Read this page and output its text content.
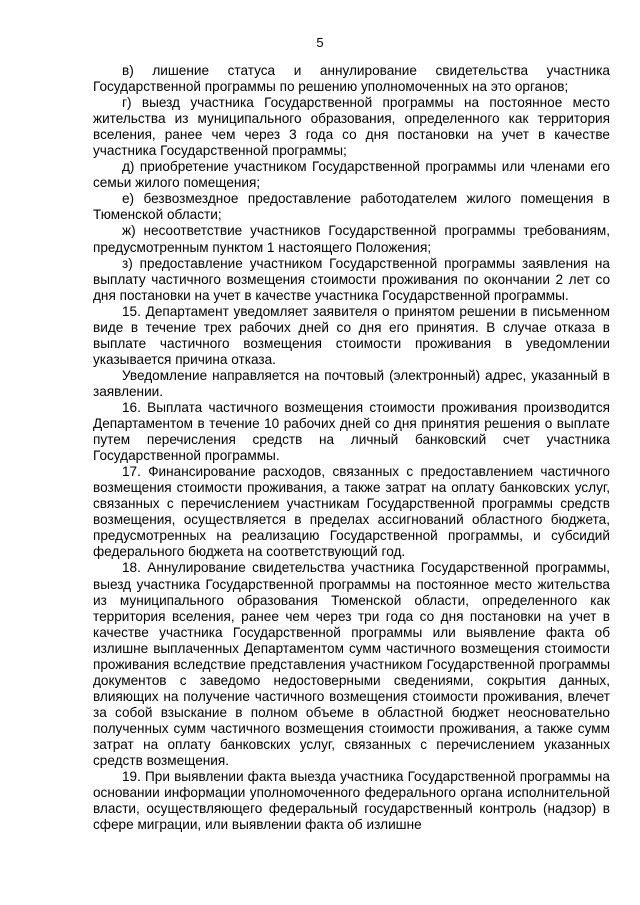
5

в) лишение статуса и аннулирование свидетельства участника Государственной программы по решению уполномоченных на это органов;

г) выезд участника Государственной программы на постоянное место жительства из муниципального образования, определенного как территория вселения, ранее чем через 3 года со дня постановки на учет в качестве участника Государственной программы;

д) приобретение участником Государственной программы или членами его семьи жилого помещения;

е) безвозмездное предоставление работодателем жилого помещения в Тюменской области;

ж) несоответствие участников Государственной программы требованиям, предусмотренным пунктом 1 настоящего Положения;

з) предоставление участником Государственной программы заявления на выплату частичного возмещения стоимости проживания по окончании 2 лет со дня постановки на учет в качестве участника Государственной программы.

15. Департамент уведомляет заявителя о принятом решении в письменном виде в течение трех рабочих дней со дня его принятия. В случае отказа в выплате частичного возмещения стоимости проживания в уведомлении указывается причина отказа.

Уведомление направляется на почтовый (электронный) адрес, указанный в заявлении.

16. Выплата частичного возмещения стоимости проживания производится Департаментом в течение 10 рабочих дней со дня принятия решения о выплате путем перечисления средств на личный банковский счет участника Государственной программы.

17. Финансирование расходов, связанных с предоставлением частичного возмещения стоимости проживания, а также затрат на оплату банковских услуг, связанных с перечислением участникам Государственной программы средств возмещения, осуществляется в пределах ассигнований областного бюджета, предусмотренных на реализацию Государственной программы, и субсидий федерального бюджета на соответствующий год.

18. Аннулирование свидетельства участника Государственной программы, выезд участника Государственной программы на постоянное место жительства из муниципального образования Тюменской области, определенного как территория вселения, ранее чем через три года со дня постановки на учет в качестве участника Государственной программы или выявление факта об излишне выплаченных Департаментом сумм частичного возмещения стоимости проживания вследствие представления участником Государственной программы документов с заведомо недостоверными сведениями, сокрытия данных, влияющих на получение частичного возмещения стоимости проживания, влечет за собой взыскание в полном объеме в областной бюджет неосновательно полученных сумм частичного возмещения стоимости проживания, а также сумм затрат на оплату банковских услуг, связанных с перечислением указанных средств возмещения.

19. При выявлении факта выезда участника Государственной программы на основании информации уполномоченного федерального органа исполнительной власти, осуществляющего федеральный государственный контроль (надзор) в сфере миграции, или выявлении факта об излишне
